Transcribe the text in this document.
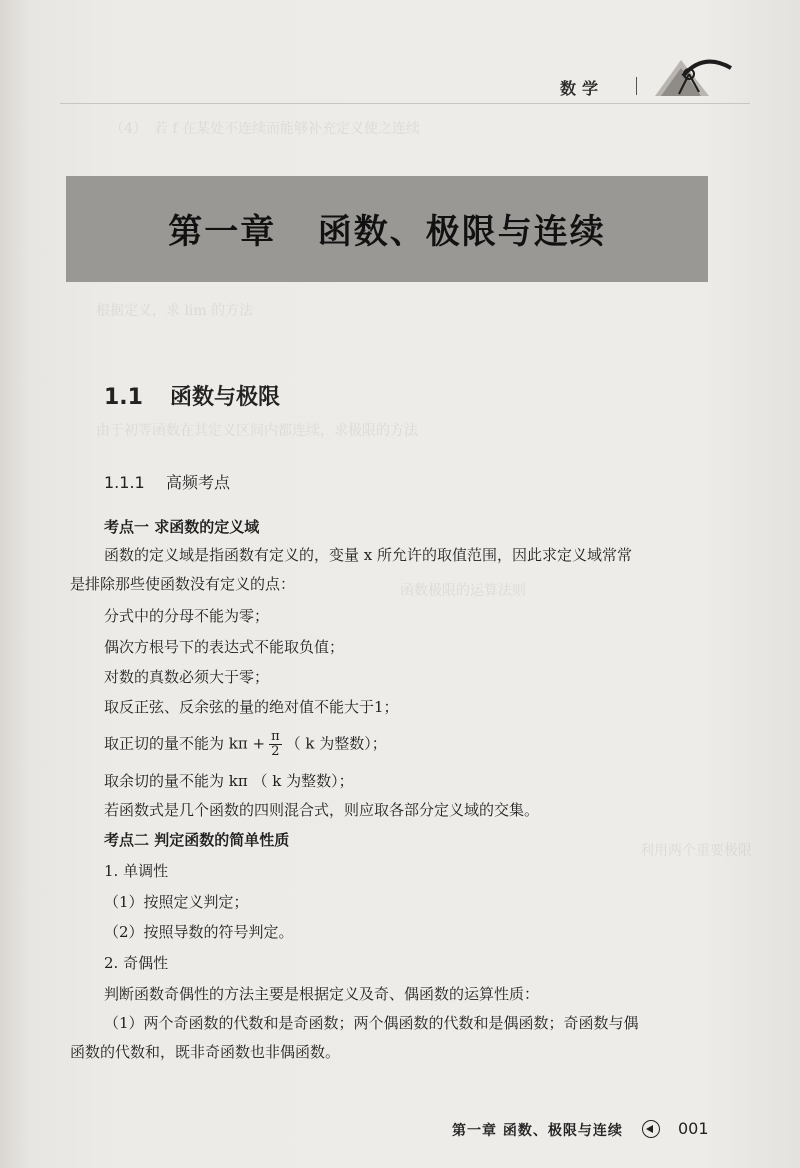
（4）　若 f 在某处不连续而能够补充定义使之连续
根据定义，求 lim 的方法
由于初等函数在其定义区间内都连续，求极限的方法
函数极限的运算法则
利用两个重要极限
数学
第一章   函数、极限与连续
1.1 函数与极限
1.1.1 高频考点
考点一 求函数的定义域
函数的定义域是指函数有定义的，变量 x 所允许的取值范围，因此求定义域常常
是排除那些使函数没有定义的点：
分式中的分母不能为零；
偶次方根号下的表达式不能取负值；
对数的真数必须大于零；
取反正弦、反余弦的量的绝对值不能大于1；
取正切的量不能为 $k\pi + \frac{\pi}{2}$ （ k 为整数）；
取余切的量不能为 kπ （ k 为整数）；
若函数式是几个函数的四则混合式，则应取各部分定义域的交集。
考点二 判定函数的简单性质
1. 单调性
（1）按照定义判定；
（2）按照导数的符号判定。
2. 奇偶性
判断函数奇偶性的方法主要是根据定义及奇、偶函数的运算性质：
（1）两个奇函数的代数和是奇函数；两个偶函数的代数和是偶函数；奇函数与偶
函数的代数和，既非奇函数也非偶函数。
第一章 函数、极限与连续	001
